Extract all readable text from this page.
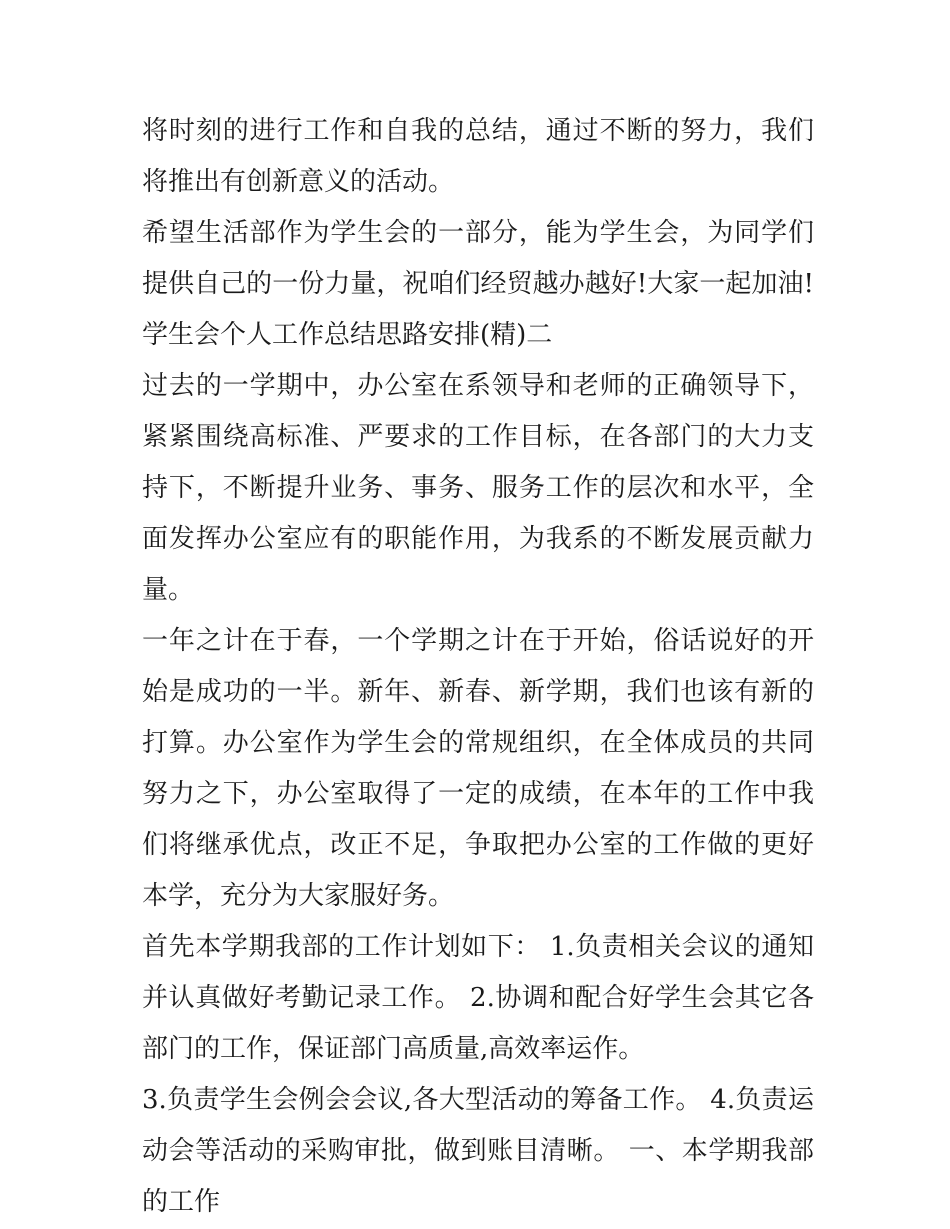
将时刻的进行工作和自我的总结，通过不断的努力，我们将推出有创新意义的活动。

希望生活部作为学生会的一部分，能为学生会，为同学们提供自己的一份力量，祝咱们经贸越办越好!大家一起加油! 学生会个人工作总结思路安排(精)二

过去的一学期中，办公室在系领导和老师的正确领导下，紧紧围绕高标准、严要求的工作目标，在各部门的大力支持下，不断提升业务、事务、服务工作的层次和水平，全面发挥办公室应有的职能作用，为我系的不断发展贡献力量。

一年之计在于春，一个学期之计在于开始，俗话说好的开始是成功的一半。新年、新春、新学期，我们也该有新的打算。办公室作为学生会的常规组织，在全体成员的共同努力之下，办公室取得了一定的成绩，在本年的工作中我们将继承优点，改正不足，争取把办公室的工作做的更好本学，充分为大家服好务。

首先本学期我部的工作计划如下： 1.负责相关会议的通知并认真做好考勤记录工作。 2.协调和配合好学生会其它各部门的工作，保证部门高质量,高效率运作。

3.负责学生会例会会议,各大型活动的筹备工作。 4.负责运动会等活动的采购审批，做到账目清晰。 一、本学期我部的工作
